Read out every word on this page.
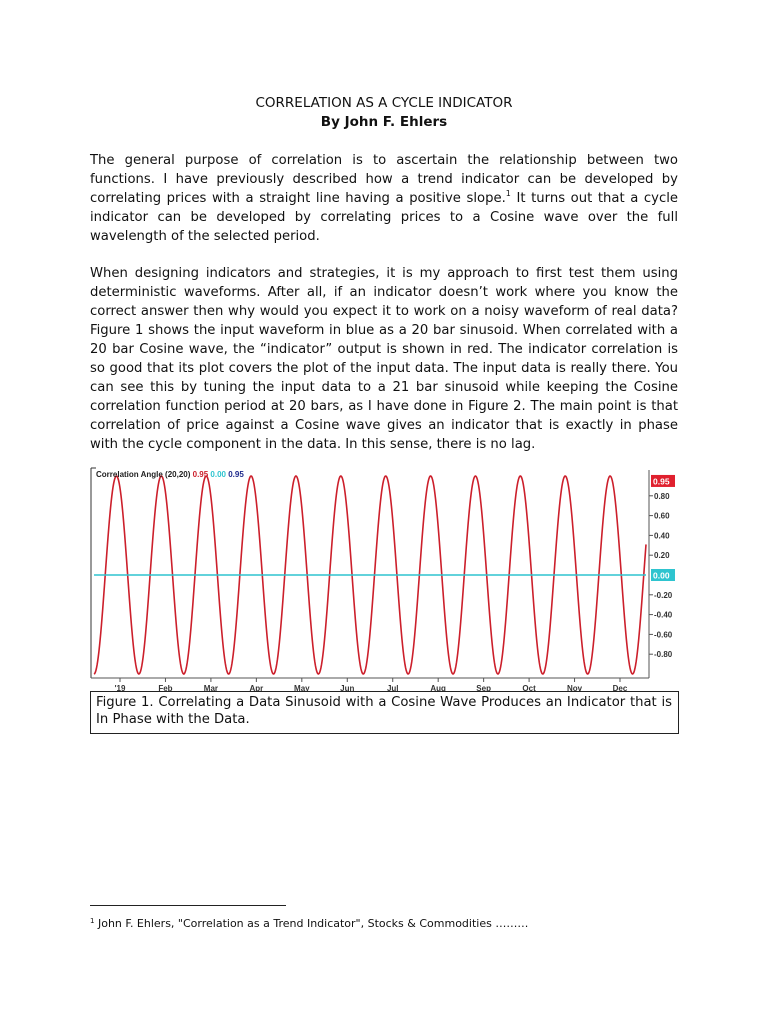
CORRELATION AS A CYCLE INDICATOR
By John F. Ehlers

The general purpose of correlation is to ascertain the relationship between two functions. I have previously described how a trend indicator can be developed by correlating prices with a straight line having a positive slope.$^1$ It turns out that a cycle indicator can be developed by correlating prices to a Cosine wave over the full wavelength of the selected period.

When designing indicators and strategies, it is my approach to first test them using deterministic waveforms. After all, if an indicator doesn’t work where you know the correct answer then why would you expect it to work on a noisy waveform of real data? Figure 1 shows the input waveform in blue as a 20 bar sinusoid. When correlated with a 20 bar Cosine wave, the “indicator” output is shown in red. The indicator correlation is so good that its plot covers the plot of the input data. The input data is really there. You can see this by tuning the input data to a 21 bar sinusoid while keeping the Cosine correlation function period at 20 bars, as I have done in Figure 2. The main point is that correlation of price against a Cosine wave gives an indicator that is exactly in phase with the cycle component in the data. In this sense, there is no lag.

0.80
0.60
0.40
0.20
-0.20
-0.40
-0.60
-0.80
0.95
0.00
'19	Feb	Mar	Apr	May	Jun	Jul	Aug	Sep	Oct	Nov	Dec
Correlation Angle (20,20) 0.95 0.00 0.95
Figure 1. Correlating a Data Sinusoid with a Cosine Wave Produces an Indicator that is In Phase with the Data.
$^1$ John F. Ehlers, "Correlation as a Trend Indicator", Stocks & Commodities ………
